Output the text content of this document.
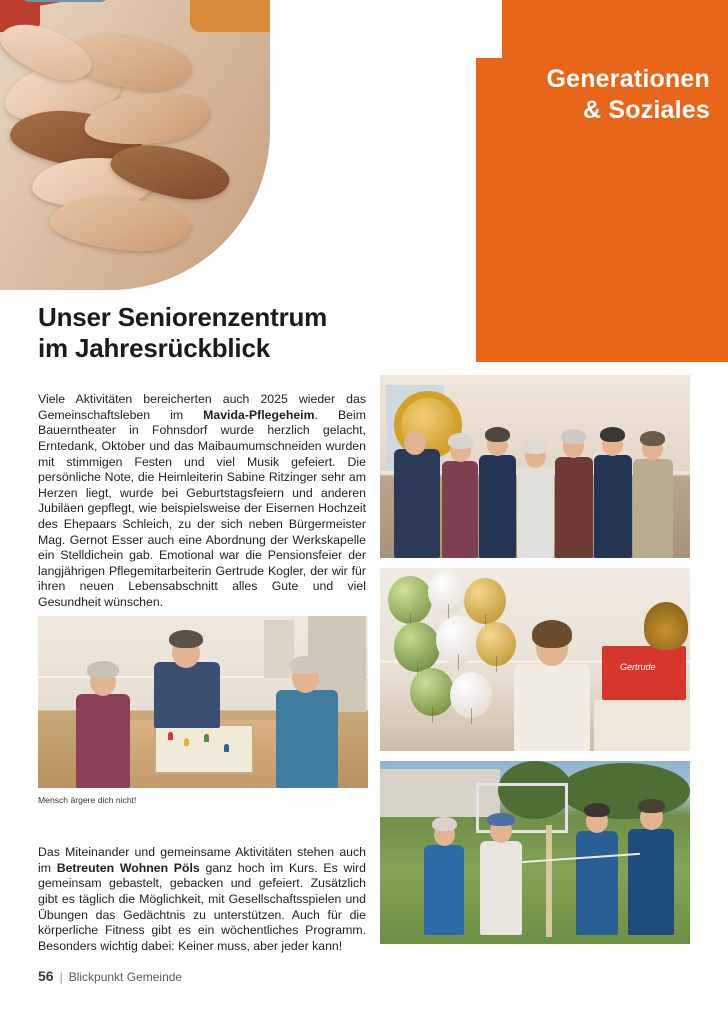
Generationen
& Soziales
Unser Seniorenzentrum
im Jahresrückblick

Viele Aktivitäten bereicherten auch 2025 wieder das Gemeinschaftsleben im Mavida-Pflegeheim. Beim Bauerntheater in Fohnsdorf wurde herzlich gelacht, Erntedank, Oktober und das Maibaumumschneiden wurden mit stimmigen Festen und viel Musik gefeiert. Die persönliche Note, die Heimleiterin Sabine Ritzinger sehr am Herzen liegt, wurde bei Geburtstagsfeiern und anderen Jubiläen gepflegt, wie beispielsweise der Eisernen Hochzeit des Ehepaars Schleich, zu der sich neben Bürgermeister Mag. Gernot Esser auch eine Abordnung der Werkskapelle ein Stelldichein gab. Emotional war die Pensionsfeier der langjährigen Pflegemitarbeiterin Gertrude Kogler, der wir für ihren neuen Lebensabschnitt alles Gute und viel Gesundheit wünschen.

Gertrude
Mensch ärgere dich nicht!

Das Miteinander und gemeinsame Aktivitäten stehen auch im Betreuten Wohnen Pöls ganz hoch im Kurs. Es wird gemeinsam gebastelt, gebacken und gefeiert. Zusätzlich gibt es täglich die Möglichkeit, mit Gesellschaftsspielen und Übungen das Gedächtnis zu unterstützen. Auch für die körperliche Fitness gibt es ein wöchentliches Programm. Besonders wichtig dabei: Keiner muss, aber jeder kann!

56 | Blickpunkt Gemeinde
